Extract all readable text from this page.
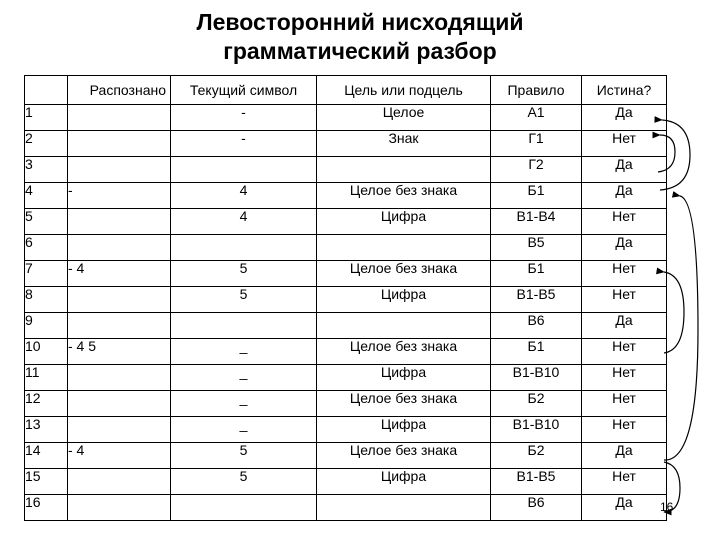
Левосторонний нисходящий
грамматический разбор
	Распознано	Текущий символ	Цель или подцель	Правило	Истина?
1		-	Целое	А1	Да
2		-	Знак	Г1	Нет
3				Г2	Да
4	-	4	Целое без знака	Б1	Да
5		4	Цифра	В1-В4	Нет
6				В5	Да
7	- 4	5	Целое без знака	Б1	Нет
8		5	Цифра	В1-В5	Нет
9				В6	Да
10	- 4 5	_	Целое без знака	Б1	Нет
11		_	Цифра	В1-В10	Нет
12		_	Целое без знака	Б2	Нет
13		_	Цифра	В1-В10	Нет
14	- 4	5	Целое без знака	Б2	Да
15		5	Цифра	В1-В5	Нет
16				В6	Да 16
